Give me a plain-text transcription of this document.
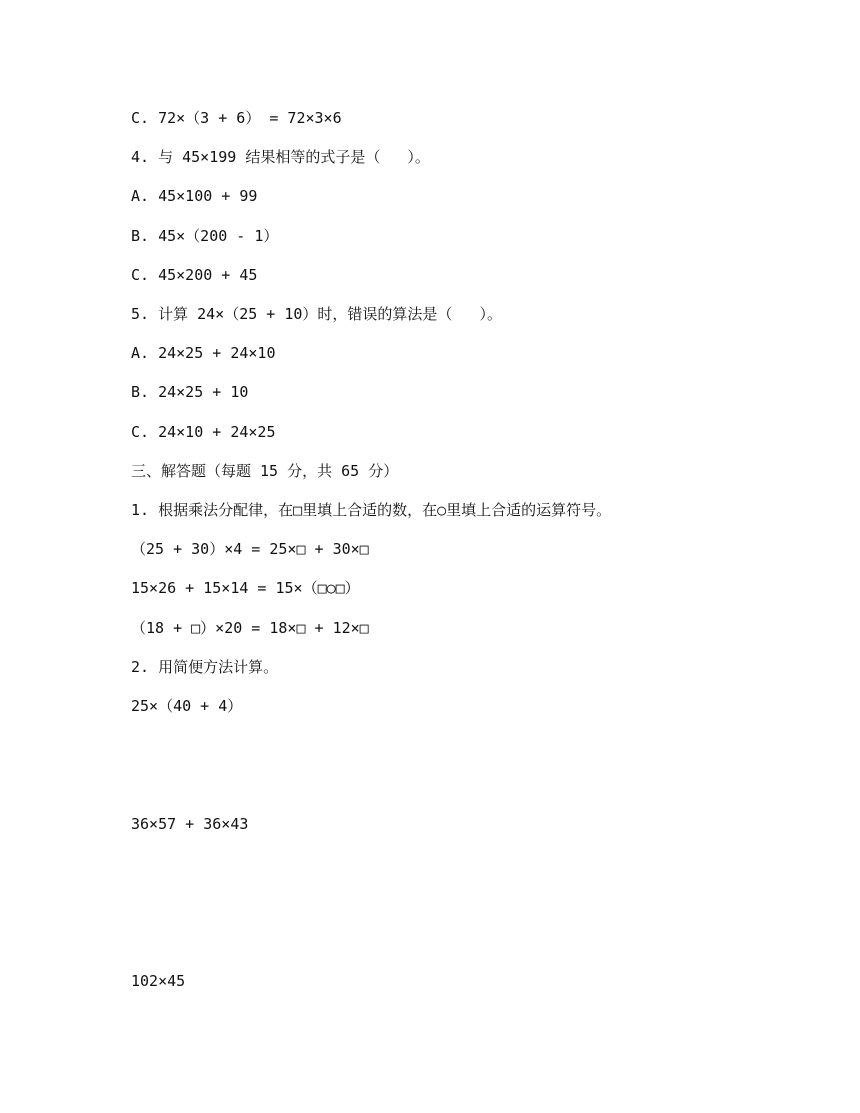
C. 72×（3 + 6） = 72×3×6
4. 与 45×199 结果相等的式子是（   ）。
A. 45×100 + 99
B. 45×（200 - 1）
C. 45×200 + 45
5. 计算 24×（25 + 10）时，错误的算法是（   ）。
A. 24×25 + 24×10
B. 24×25 + 10
C. 24×10 + 24×25
三、解答题（每题 15 分，共 65 分）
1. 根据乘法分配律，在□里填上合适的数，在○里填上合适的运算符号。
（25 + 30）×4 = 25×□ + 30×□
15×26 + 15×14 = 15×（□○□）
（18 + □）×20 = 18×□ + 12×□
2. 用简便方法计算。
25×（40 + 4）
36×57 + 36×43
102×45
